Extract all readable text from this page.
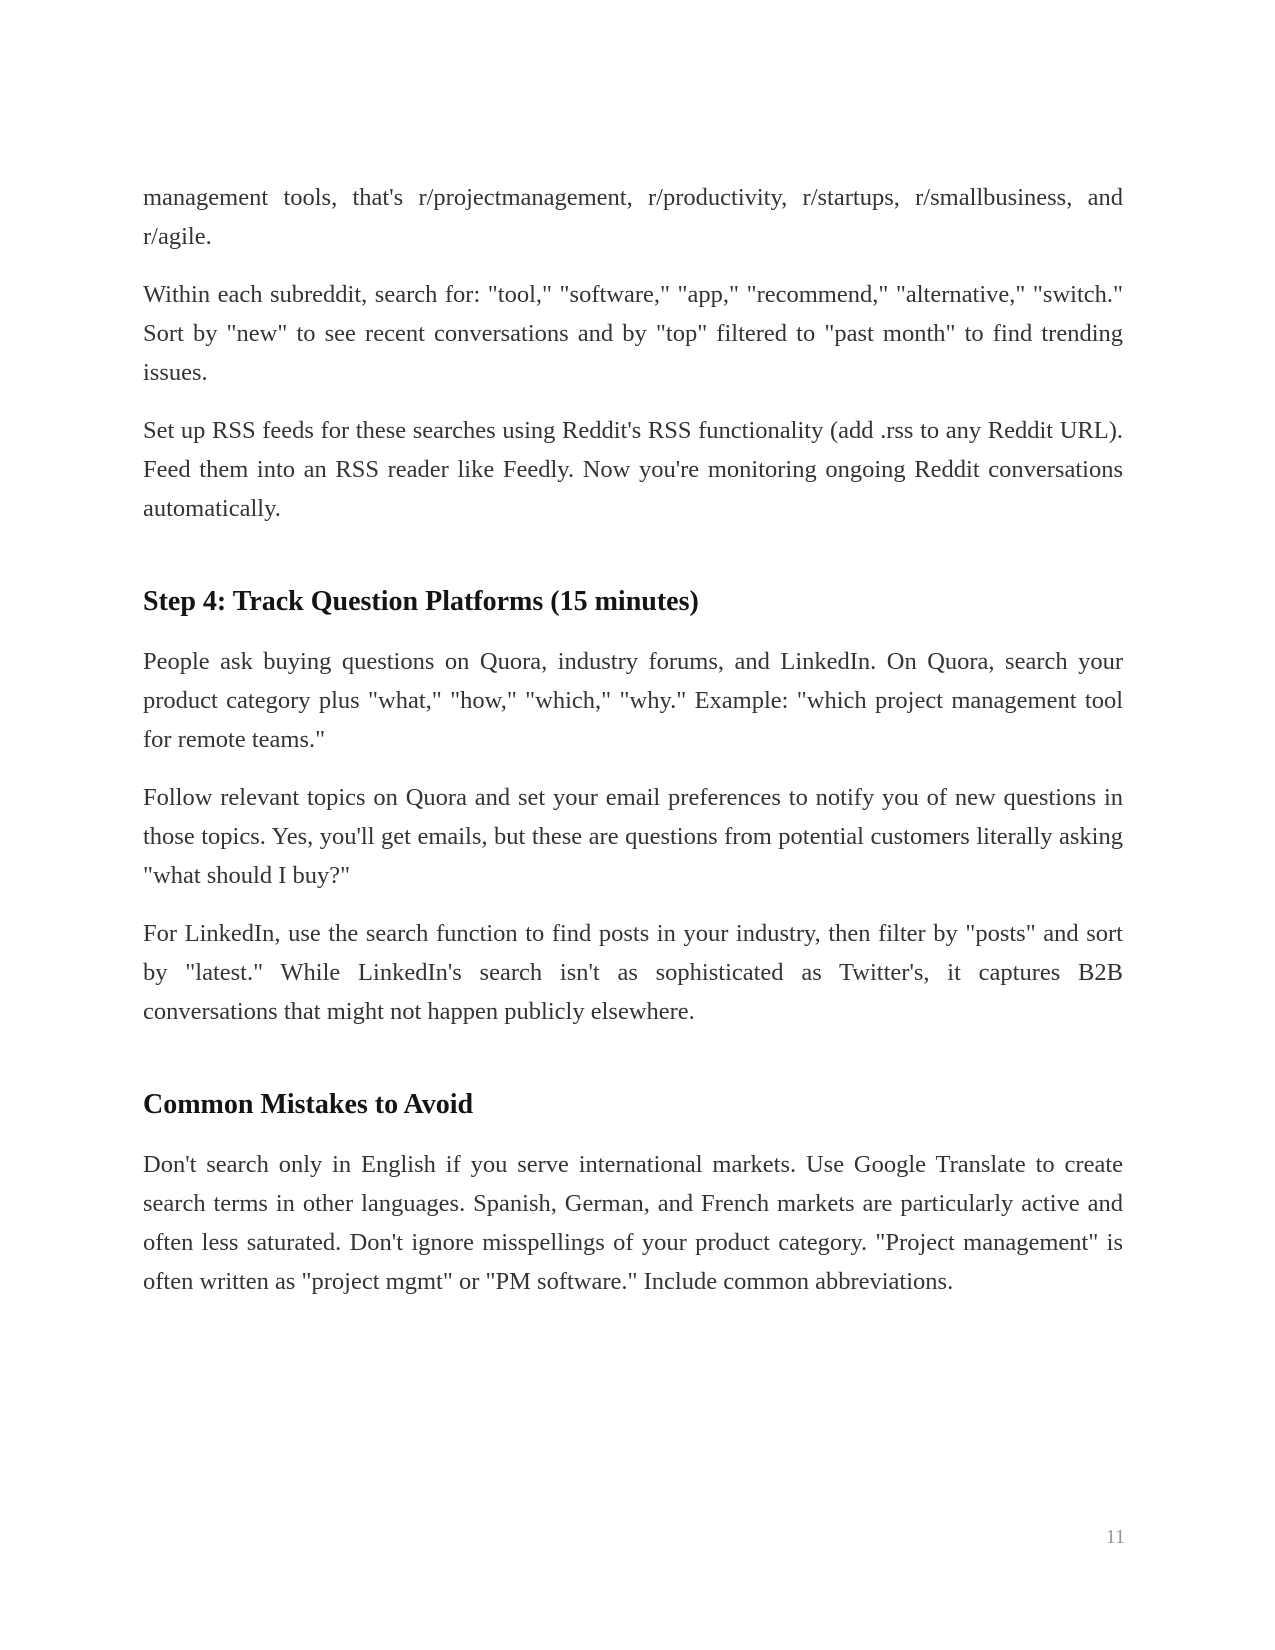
management tools, that's r/projectmanagement, r/productivity, r/startups, r/smallbusiness, and r/agile.

Within each subreddit, search for: "tool," "software," "app," "recommend," "alternative," "switch." Sort by "new" to see recent conversations and by "top" filtered to "past month" to find trending issues.

Set up RSS feeds for these searches using Reddit's RSS functionality (add .rss to any Reddit URL). Feed them into an RSS reader like Feedly. Now you're monitoring ongoing Reddit conversations automatically.

Step 4: Track Question Platforms (15 minutes)

People ask buying questions on Quora, industry forums, and LinkedIn. On Quora, search your product category plus "what," "how," "which," "why." Example: "which project management tool for remote teams."

Follow relevant topics on Quora and set your email preferences to notify you of new questions in those topics. Yes, you'll get emails, but these are questions from potential customers literally asking "what should I buy?"

For LinkedIn, use the search function to find posts in your industry, then filter by "posts" and sort by "latest." While LinkedIn's search isn't as sophisticated as Twitter's, it captures B2B conversations that might not happen publicly elsewhere.

Common Mistakes to Avoid

Don't search only in English if you serve international markets. Use Google Translate to create search terms in other languages. Spanish, German, and French markets are particularly active and often less saturated. Don't ignore misspellings of your product category. "Project management" is often written as "project mgmt" or "PM software." Include common abbreviations.

11
